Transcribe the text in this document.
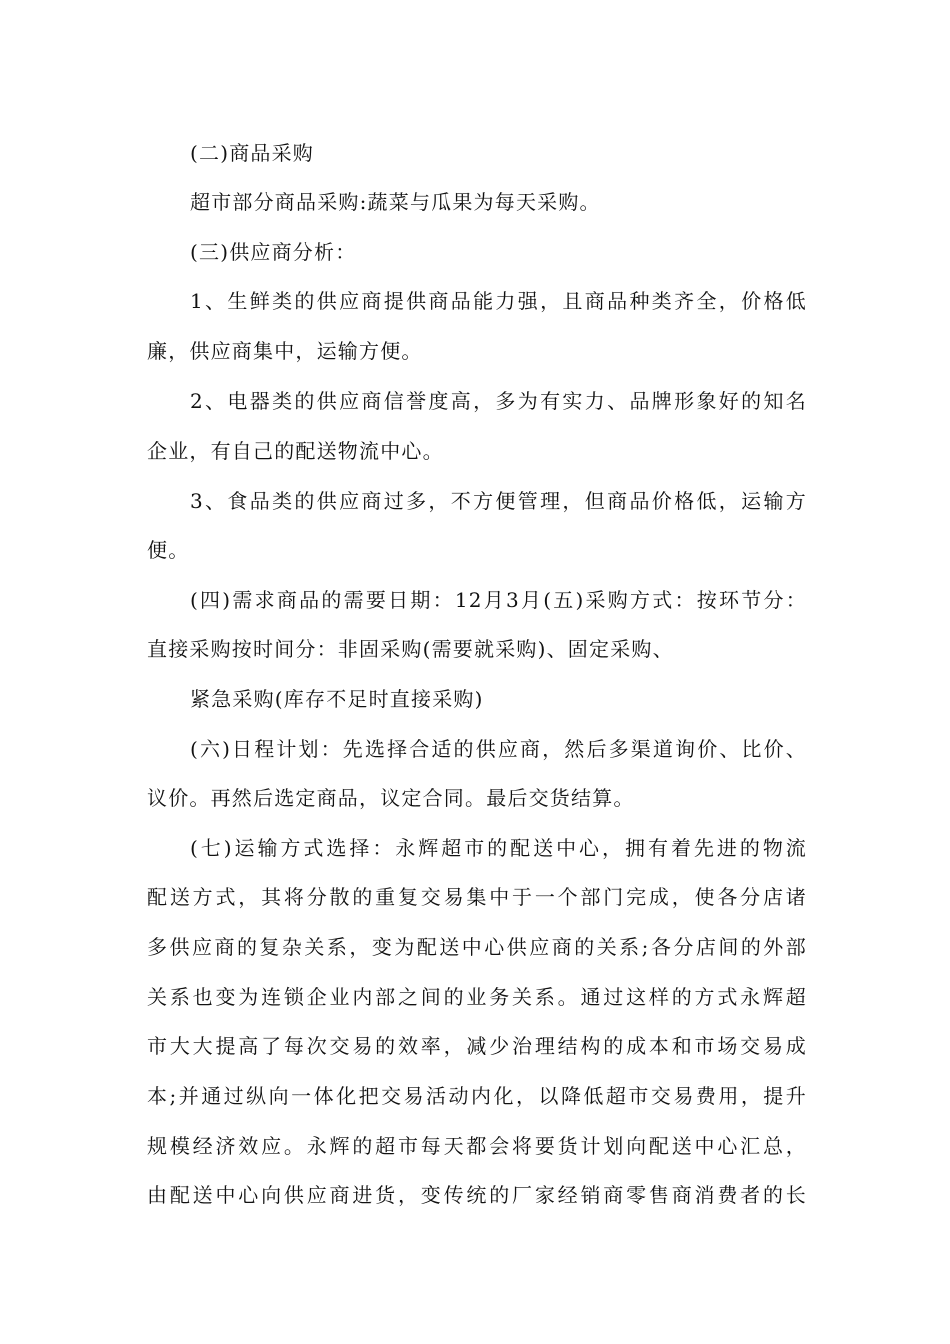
(二)商品采购
超市部分商品采购:蔬菜与瓜果为每天采购。
(三)供应商分析：
1、生鲜类的供应商提供商品能力强，且商品种类齐全，价格低
廉，供应商集中，运输方便。
2、电器类的供应商信誉度高，多为有实力、品牌形象好的知名
企业，有自己的配送物流中心。
3、食品类的供应商过多，不方便管理，但商品价格低，运输方
便。
(四)需求商品的需要日期：12月3月(五)采购方式：按环节分：
直接采购按时间分：非固采购(需要就采购)、固定采购、
紧急采购(库存不足时直接采购)
(六)日程计划：先选择合适的供应商，然后多渠道询价、比价、
议价。再然后选定商品，议定合同。最后交货结算。
(七)运输方式选择：永辉超市的配送中心，拥有着先进的物流
配送方式，其将分散的重复交易集中于一个部门完成，使各分店诸
多供应商的复杂关系，变为配送中心供应商的关系;各分店间的外部
关系也变为连锁企业内部之间的业务关系。通过这样的方式永辉超
市大大提高了每次交易的效率，减少治理结构的成本和市场交易成
本;并通过纵向一体化把交易活动内化，以降低超市交易费用，提升
规模经济效应。永辉的超市每天都会将要货计划向配送中心汇总，
由配送中心向供应商进货，变传统的厂家经销商零售商消费者的长
